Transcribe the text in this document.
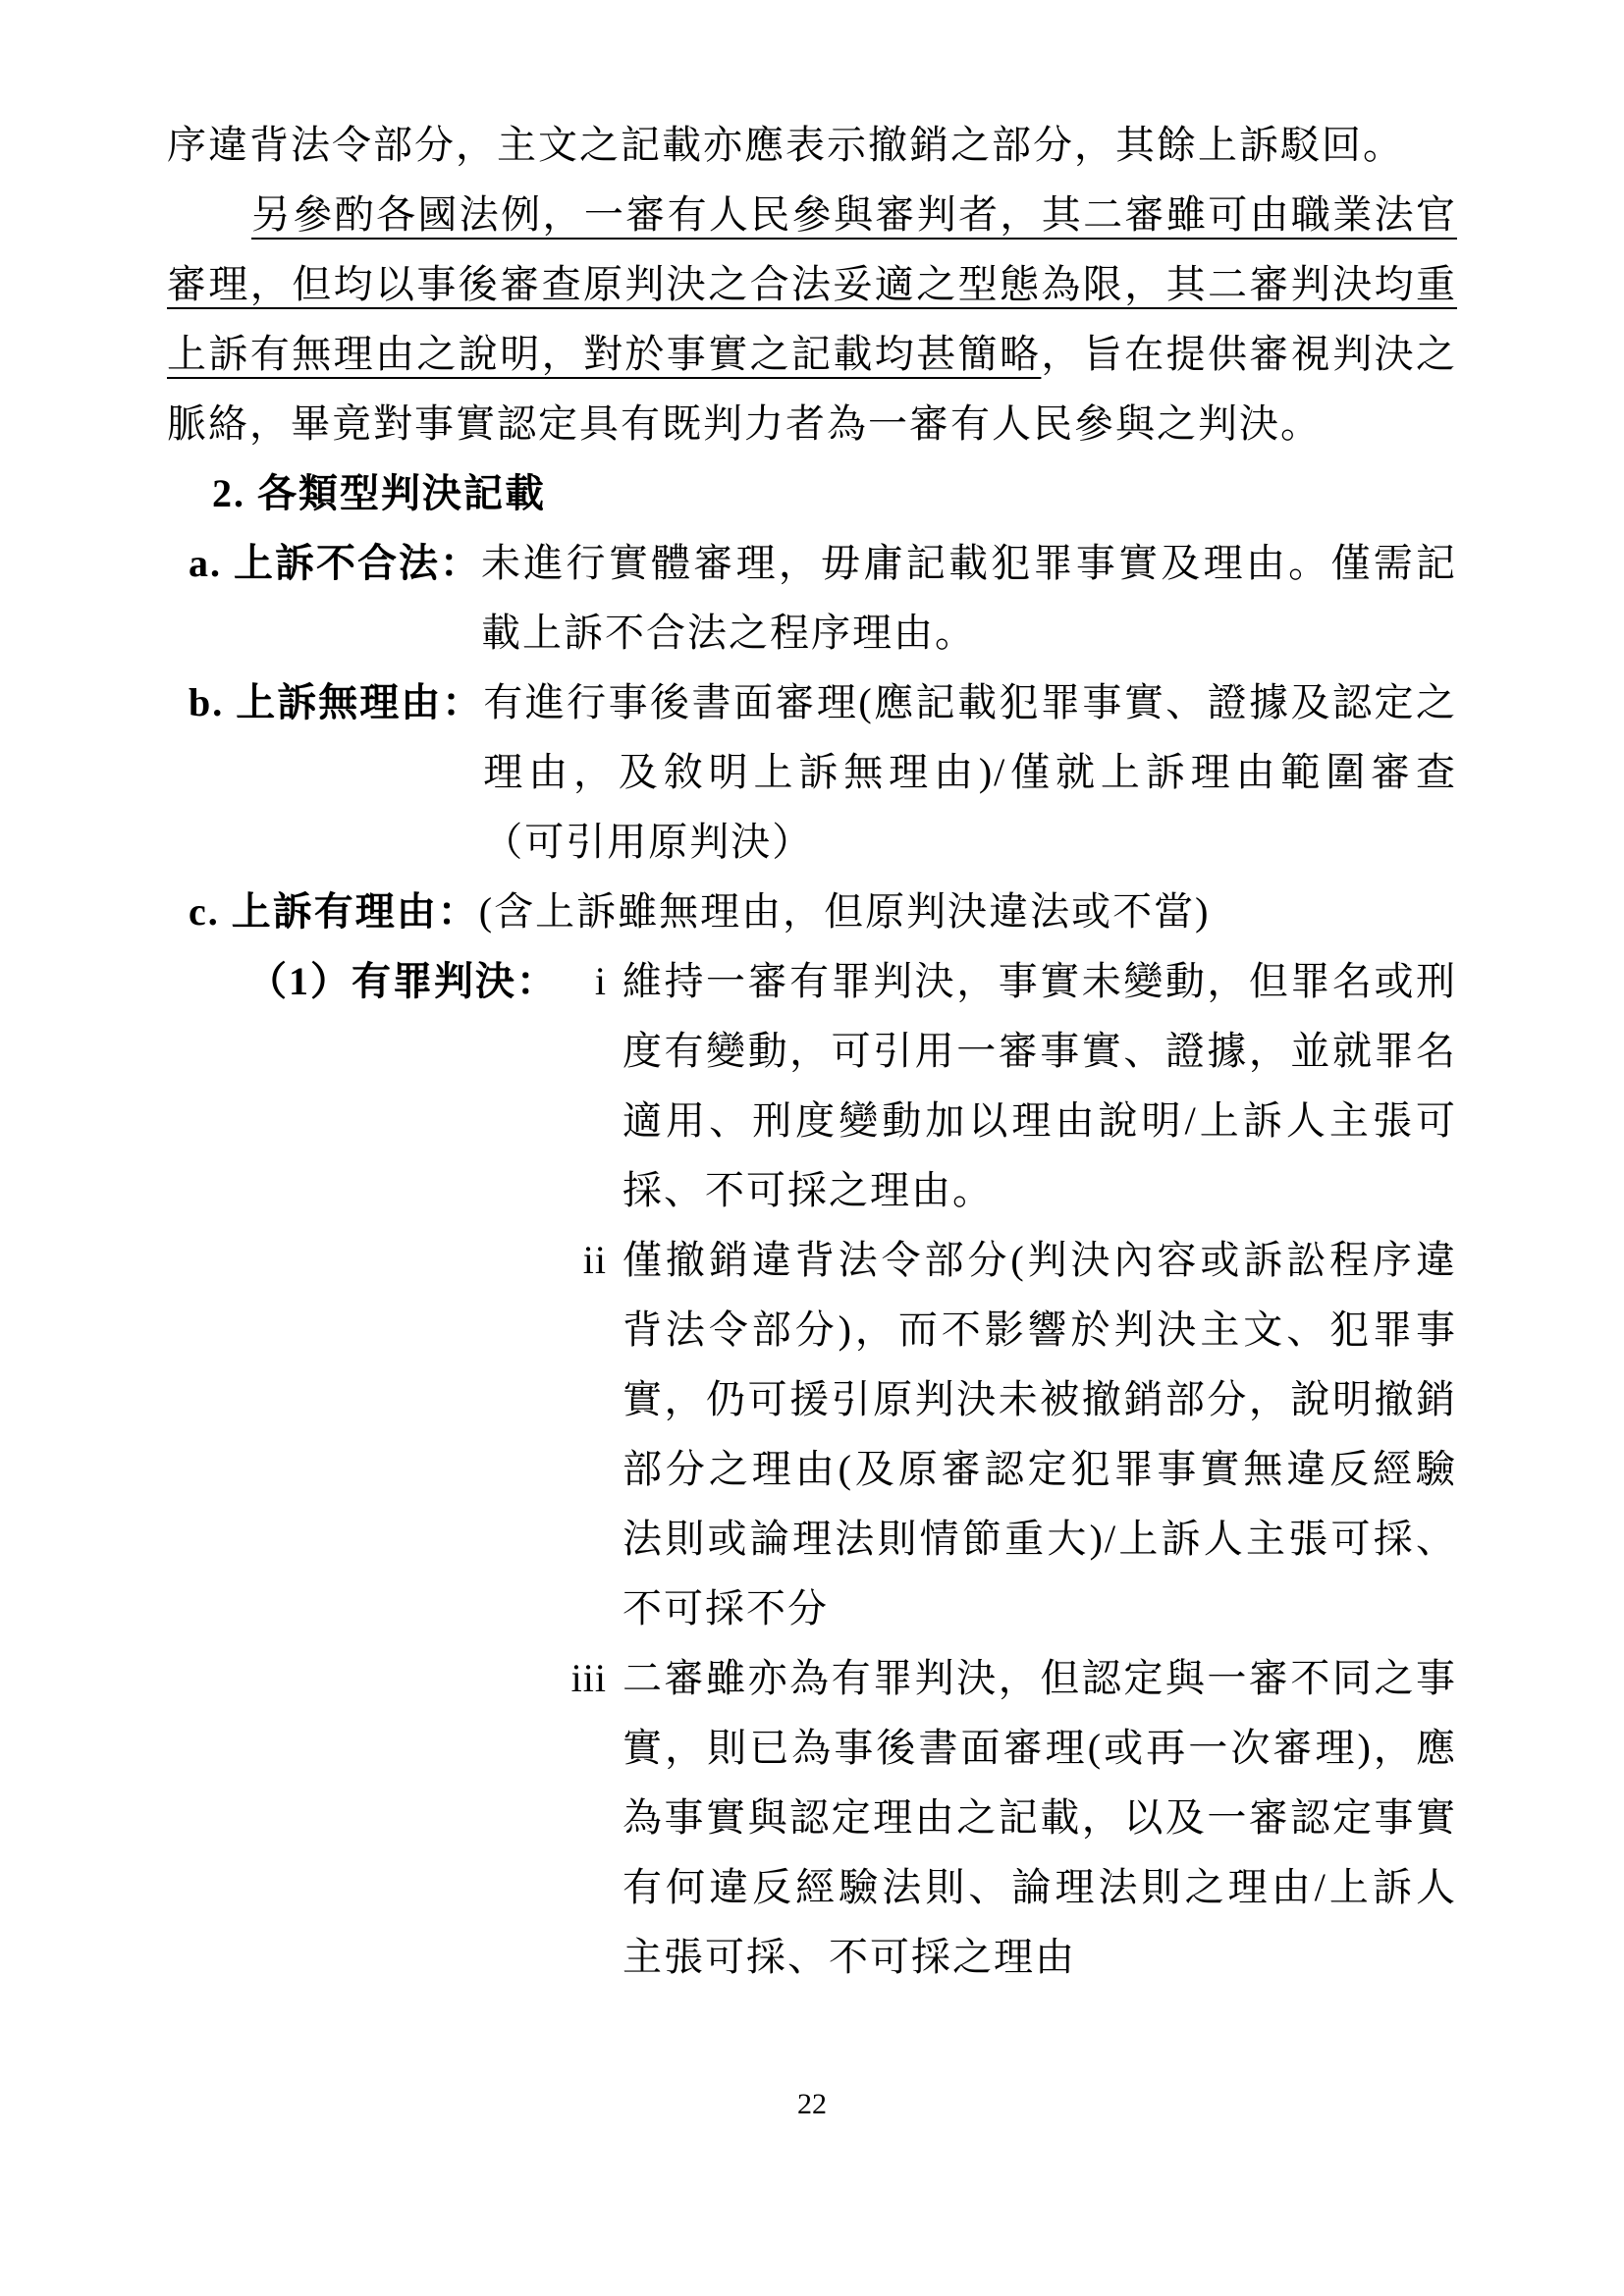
序違背法令部分，主文之記載亦應表示撤銷之部分，其餘上訴駁回。

另參酌各國法例，一審有人民參與審判者，其二審雖可由職業法官審理，但均以事後審查原判決之合法妥適之型態為限，其二審判決均重上訴有無理由之說明，對於事實之記載均甚簡略，旨在提供審視判決之脈絡，畢竟對事實認定具有既判力者為一審有人民參與之判決。

2. 各類型判決記載
a. 上訴不合法： 未進行實體審理，毋庸記載犯罪事實及理由。僅需記載上訴不合法之程序理由。
b. 上訴無理由： 有進行事後書面審理(應記載犯罪事實、證據及認定之理由，及敘明上訴無理由)/僅就上訴理由範圍審查（可引用原判決）
c. 上訴有理由： (含上訴雖無理由，但原判決違法或不當)
（1）有罪判決： i 維持一審有罪判決，事實未變動，但罪名或刑度有變動，可引用一審事實、證據，並就罪名適用、刑度變動加以理由說明/上訴人主張可採、不可採之理由。
ii 僅撤銷違背法令部分(判決內容或訴訟程序違背法令部分)，而不影響於判決主文、犯罪事實，仍可援引原判決未被撤銷部分，說明撤銷部分之理由(及原審認定犯罪事實無違反經驗法則或論理法則情節重大)/上訴人主張可採、不可採不分
iii 二審雖亦為有罪判決，但認定與一審不同之事實，則已為事後書面審理(或再一次審理)，應為事實與認定理由之記載，以及一審認定事實有何違反經驗法則、論理法則之理由/上訴人主張可採、不可採之理由
22
